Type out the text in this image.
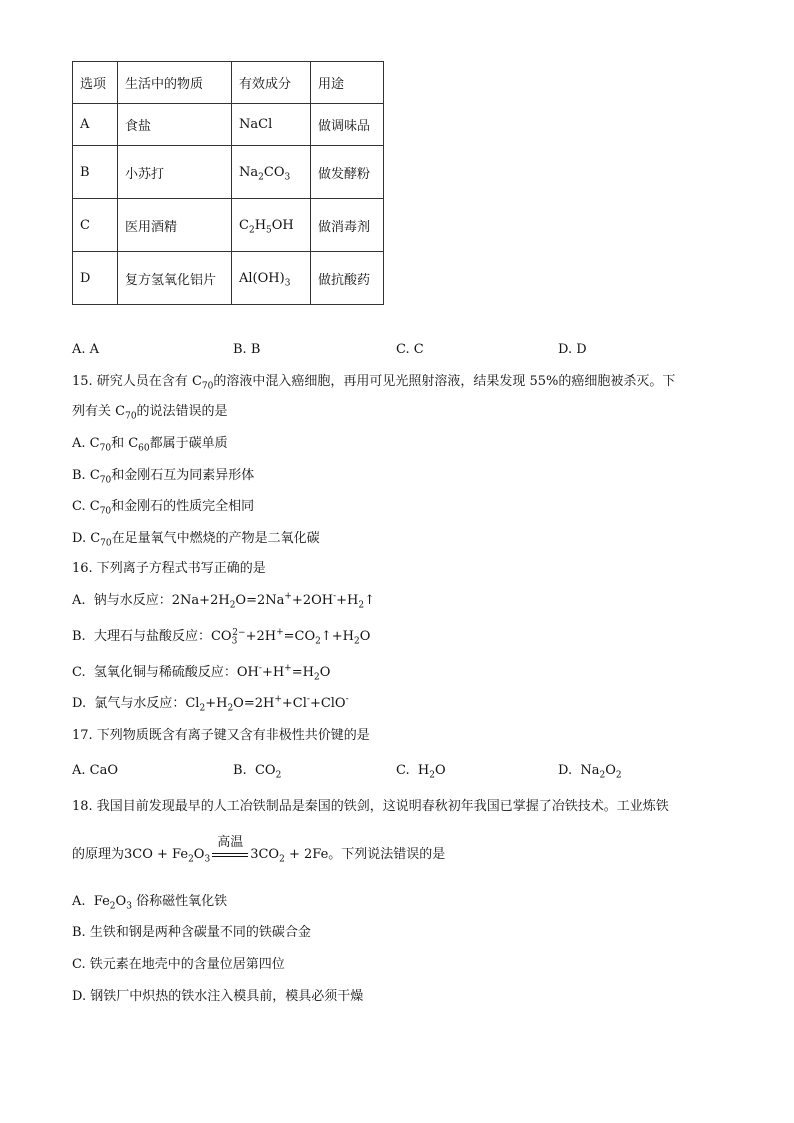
选项	生活中的物质	有效成分	用途
A	食盐	NaCl	做调味品
B	小苏打	$Na_2CO_3$	做发酵粉
C	医用酒精	$C_2H_5OH$	做消毒剂
D	复方氢氧化铝片	$Al(OH)_3$	做抗酸药
A. A	B. B	C. C	D. D
15. 研究人员在含有 $C_{70}$的溶液中混入癌细胞，再用可见光照射溶液，结果发现 55%的癌细胞被杀灭。下
列有关 $C_{70}$的说法错误的是
A. $C_{70}$和 $C_{60}$都属于碳单质
B. $C_{70}$和金刚石互为同素异形体
C. $C_{70}$和金刚石的性质完全相同
D. $C_{70}$在足量氧气中燃烧的产物是二氧化碳
16. 下列离子方程式书写正确的是
A.  钠与水反应：$2Na+2H_2O=2Na^++2OH^-+H_2↑$
B.  大理石与盐酸反应：$CO_3^{2-}+2H^+=CO_2↑+H_2O$
C.  氢氧化铜与稀硫酸反应：$OH^-+H^+=H_2O$
D.  氯气与水反应：$Cl_2+H_2O=2H^++Cl^-+ClO^-$
17. 下列物质既含有离子键又含有非极性共价键的是
A. CaO	B.  $CO_2$	C.  $H_2O$	D.  $Na_2O_2$
18. 我国目前发现最早的人工冶铁制品是秦国的铁剑，这说明春秋初年我国已掌握了冶铁技术。工业炼铁
的原理为$3CO + Fe_2O_3$
高温
$3CO_2 + 2Fe$。下列说法错误的是
A.  $Fe_2O_3$ 俗称磁性氧化铁
B. 生铁和钢是两种含碳量不同的铁碳合金
C. 铁元素在地壳中的含量位居第四位
D. 钢铁厂中炽热的铁水注入模具前，模具必须干燥
